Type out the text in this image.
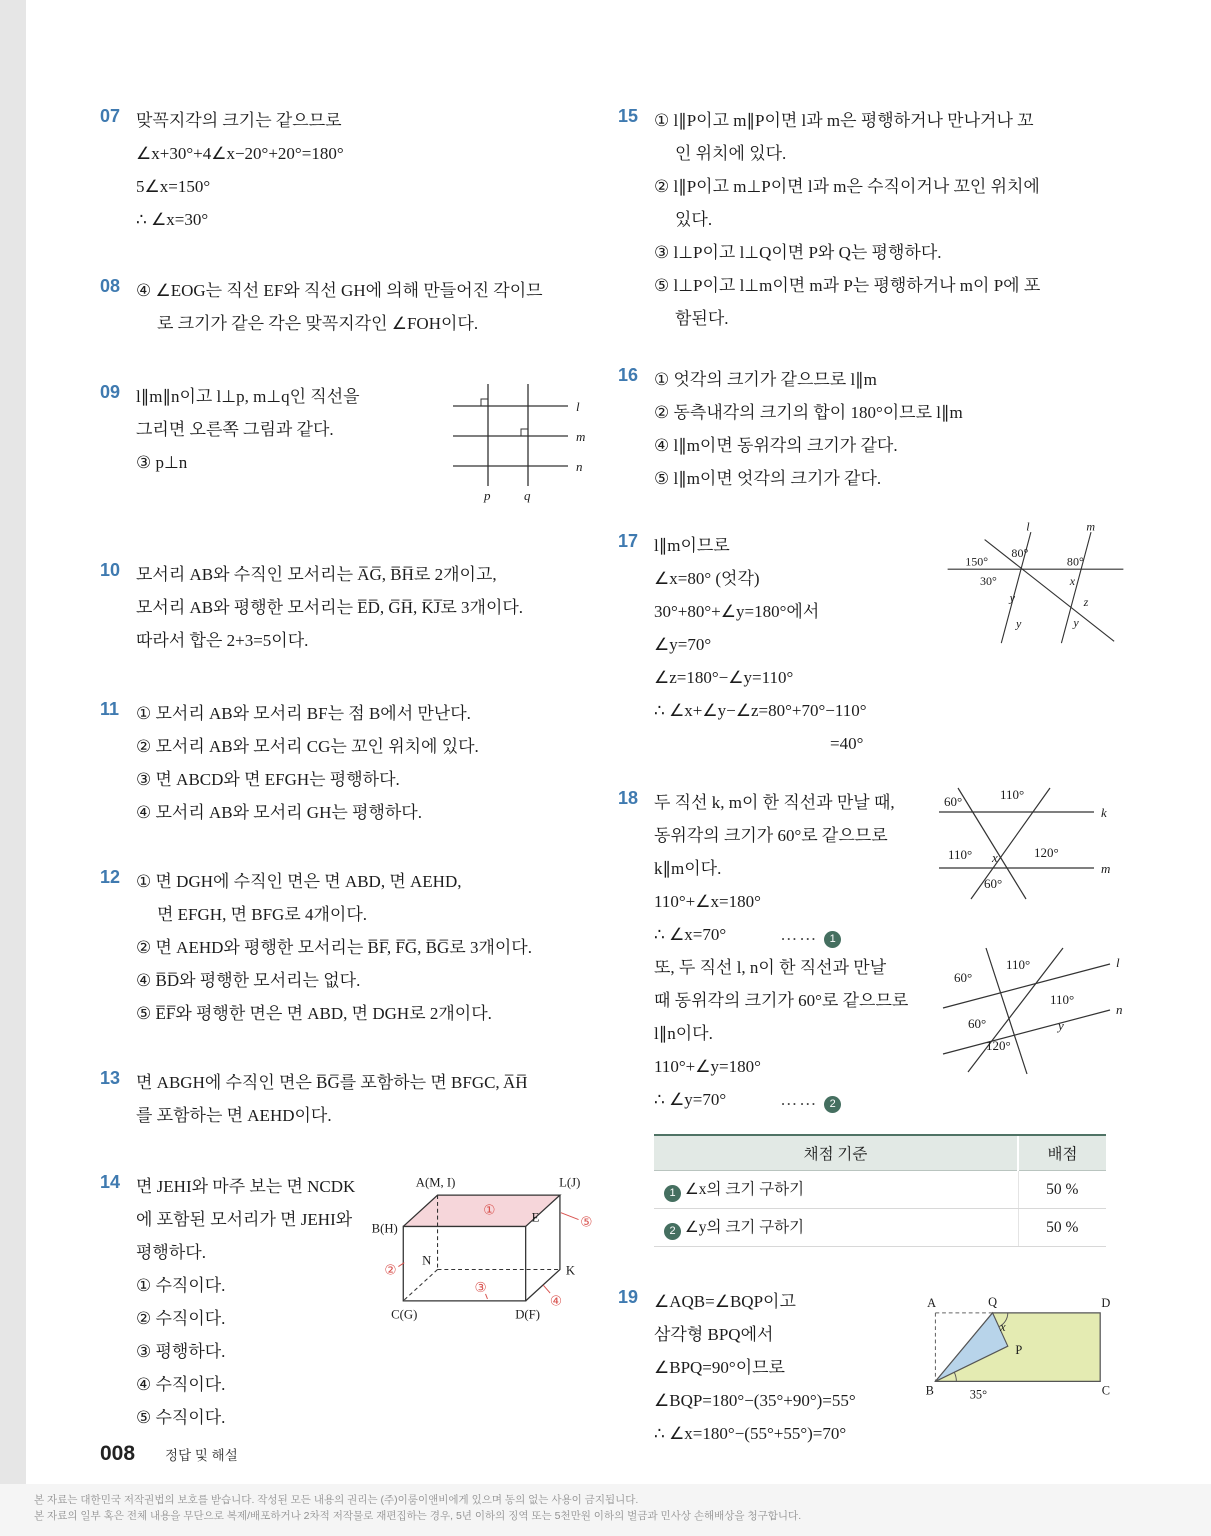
07 맞꼭지각의 크기는 같으므로
∠x+30°+4∠x−20°+20°=180°
5∠x=150°
∴ ∠x=30°
08 ④ ∠EOG는 직선 EF와 직선 GH에 의해 만들어진 각이므
로 크기가 같은 각은 맞꼭지각인 ∠FOH이다.
09 l∥m∥n이고 l⊥p, m⊥q인 직선을
그리면 오른쪽 그림과 같다.
③ p⊥n
l
m
n
p	q
10 모서리 AB와 수직인 모서리는 A̅G̅, B̅H̅로 2개이고,
모서리 AB와 평행한 모서리는 E̅D̅, G̅H̅, K̅J̅로 3개이다.
따라서 합은 2+3=5이다.
11 ① 모서리 AB와 모서리 BF는 점 B에서 만난다.
② 모서리 AB와 모서리 CG는 꼬인 위치에 있다.
③ 면 ABCD와 면 EFGH는 평행하다.
④ 모서리 AB와 모서리 GH는 평행하다.
12 ① 면 DGH에 수직인 면은 면 ABD, 면 AEHD,
면 EFGH, 면 BFG로 4개이다.
② 면 AEHD와 평행한 모서리는 B̅F̅, F̅G̅, B̅G̅로 3개이다.
④ B̅D̅와 평행한 모서리는 없다.
⑤ E̅F̅와 평행한 면은 면 ABD, 면 DGH로 2개이다.
13 면 ABGH에 수직인 면은 B̅G̅를 포함하는 면 BFGC, A̅H̅
를 포함하는 면 AEHD이다.
14 면 JEHI와 마주 보는 면 NCDK
에 포함된 모서리가 면 JEHI와
평행하다.
① 수직이다.
② 수직이다.
③ 평행하다.
④ 수직이다.
⑤ 수직이다.
A(M, I)	L(J)
B(H)
E
N
K
C(G)	D(F)
①
②
③
④
⑤
15 ① l∥P이고 m∥P이면 l과 m은 평행하거나 만나거나 꼬
인 위치에 있다.
② l∥P이고 m⊥P이면 l과 m은 수직이거나 꼬인 위치에
있다.
③ l⊥P이고 l⊥Q이면 P와 Q는 평행하다.
⑤ l⊥P이고 l⊥m이면 m과 P는 평행하거나 m이 P에 포
함된다.
16 ① 엇각의 크기가 같으므로 l∥m
② 동측내각의 크기의 합이 180°이므로 l∥m
④ l∥m이면 동위각의 크기가 같다.
⑤ l∥m이면 엇각의 크기가 같다.
17 l∥m이므로
∠x=80° (엇각)
30°+80°+∠y=180°에서
∠y=70°
∠z=180°−∠y=110°
∴ ∠x+∠y−∠z=80°+70°−110°
=40°
l	m
150°
80°
80°
30°	x
y
y
z
y
18 두 직선 k, m이 한 직선과 만날 때,
동위각의 크기가 60°로 같으므로
k∥m이다.
110°+∠x=180°
∴ ∠x=70°	…… 1
또, 두 직선 l, n이 한 직선과 만날
때 동위각의 크기가 60°로 같으므로
l∥n이다.
110°+∠y=180°
∴ ∠y=70°	…… 2
k
m
60°	110°
110° x	120°
60°
l
n
60°
110°
110°
60°	y
120°
채점 기준	배점
1 ∠x의 크기 구하기	50 %
2 ∠y의 크기 구하기	50 %
19 ∠AQB=∠BQP이고
삼각형 BPQ에서
∠BPQ=90°이므로
∠BQP=180°−(35°+90°)=55°
∴ ∠x=180°−(55°+55°)=70°
A	Q	D
B	C
P
x
35°
008 정답 및 해설
본 자료는 대한민국 저작권법의 보호를 받습니다. 작성된 모든 내용의 권리는 (주)이룸이앤비에게 있으며 동의 없는 사용이 금지됩니다.
본 자료의 일부 혹은 전체 내용을 무단으로 복제/배포하거나 2차적 저작물로 재편집하는 경우, 5년 이하의 징역 또는 5천만원 이하의 벌금과 민사상 손해배상을 청구합니다.
